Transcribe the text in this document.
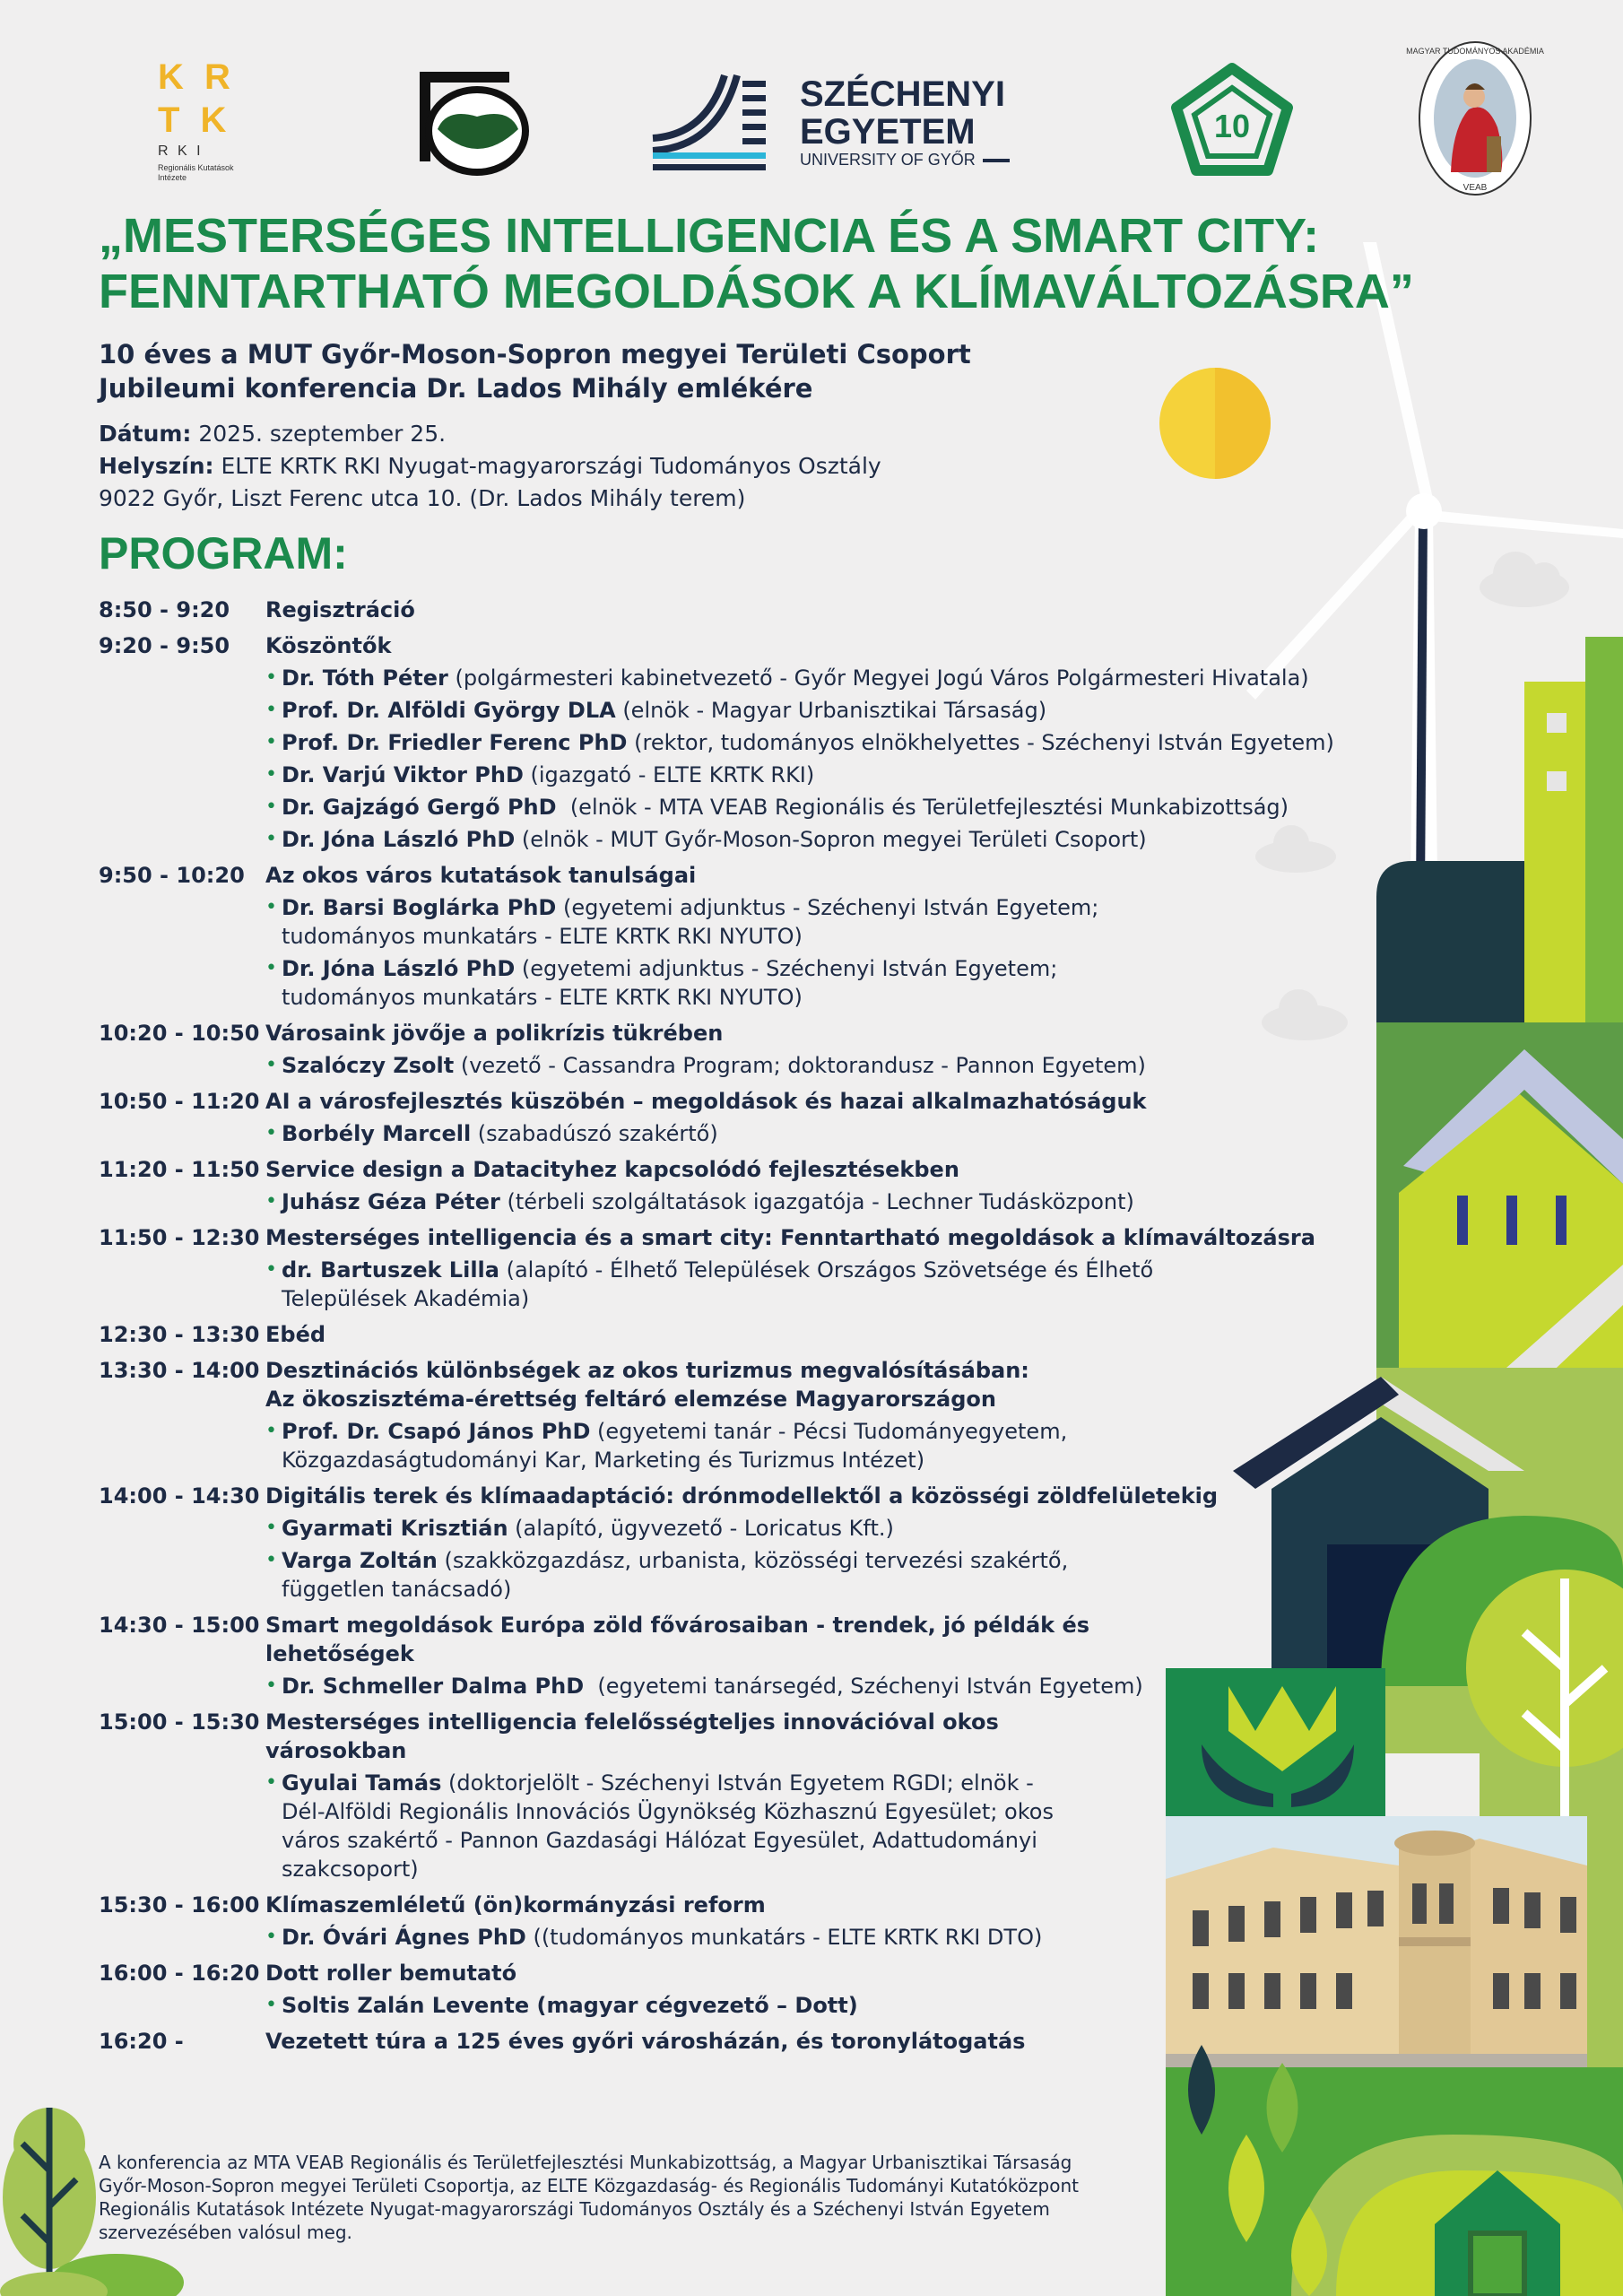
K R
T K
R K I
Regionális Kutatások
Intézete
SZÉCHENYI
EGYETEM
UNIVERSITY OF GYŐR
10
MAGYAR TUDOMÁNYOS AKADÉMIA
VEAB
„MESTERSÉGES INTELLIGENCIA ÉS A SMART CITY:
FENNTARTHATÓ MEGOLDÁSOK A KLÍMAVÁLTOZÁSRA”
10 éves a MUT Győr-Moson-Sopron megyei Területi Csoport
Jubileumi konferencia Dr. Lados Mihály emlékére
Dátum: 2025. szeptember 25.
Helyszín: ELTE KRTK RKI Nyugat-magyarországi Tudományos Osztály
9022 Győr, Liszt Ferenc utca 10. (Dr. Lados Mihály terem)
PROGRAM:
8:50 - 9:20	Regisztráció
9:20 - 9:50	Köszöntők
• Dr. Tóth Péter (polgármesteri kabinetvezető - Győr Megyei Jogú Város Polgármesteri Hivatala)
• Prof. Dr. Alföldi György DLA (elnök - Magyar Urbanisztikai Társaság)
• Prof. Dr. Friedler Ferenc PhD (rektor, tudományos elnökhelyettes - Széchenyi István Egyetem)
• Dr. Varjú Viktor PhD (igazgató - ELTE KRTK RKI)
• Dr. Gajzágó Gergő PhD  (elnök - MTA VEAB Regionális és Területfejlesztési Munkabizottság)
• Dr. Jóna László PhD (elnök - MUT Győr-Moson-Sopron megyei Területi Csoport)
9:50 - 10:20 Az okos város kutatások tanulságai
• Dr. Barsi Boglárka PhD (egyetemi adjunktus - Széchenyi István Egyetem;
tudományos munkatárs - ELTE KRTK RKI NYUTO)
• Dr. Jóna László PhD (egyetemi adjunktus - Széchenyi István Egyetem;
tudományos munkatárs - ELTE KRTK RKI NYUTO)
10:20 - 10:50 Városaink jövője a polikrízis tükrében
• Szalóczy Zsolt (vezető - Cassandra Program; doktorandusz - Pannon Egyetem)
10:50 - 11:20 AI a városfejlesztés küszöbén – megoldások és hazai alkalmazhatóságuk
• Borbély Marcell (szabadúszó szakértő)
11:20 - 11:50 Service design a Datacityhez kapcsolódó fejlesztésekben
• Juhász Géza Péter (térbeli szolgáltatások igazgatója - Lechner Tudásközpont)
11:50 - 12:30 Mesterséges intelligencia és a smart city: Fenntartható megoldások a klímaváltozásra
• dr. Bartuszek Lilla (alapító - Élhető Települések Országos Szövetsége és Élhető
Települések Akadémia)
12:30 - 13:30 Ebéd
13:30 - 14:00 Desztinációs különbségek az okos turizmus megvalósításában:
Az ökoszisztéma-érettség feltáró elemzése Magyarországon
• Prof. Dr. Csapó János PhD (egyetemi tanár - Pécsi Tudományegyetem,
Közgazdaságtudományi Kar, Marketing és Turizmus Intézet)
14:00 - 14:30 Digitális terek és klímaadaptáció: drónmodellektől a közösségi zöldfelületekig
• Gyarmati Krisztián (alapító, ügyvezető - Loricatus Kft.)
• Varga Zoltán (szakközgazdász, urbanista, közösségi tervezési szakértő,
független tanácsadó)
14:30 - 15:00 Smart megoldások Európa zöld fővárosaiban - trendek, jó példák és
lehetőségek
• Dr. Schmeller Dalma PhD  (egyetemi tanársegéd, Széchenyi István Egyetem)
15:00 - 15:30 Mesterséges intelligencia felelősségteljes innovációval okos
városokban
• Gyulai Tamás (doktorjelölt - Széchenyi István Egyetem RGDI; elnök -
Dél-Alföldi Regionális Innovációs Ügynökség Közhasznú Egyesület; okos
város szakértő - Pannon Gazdasági Hálózat Egyesület, Adattudományi
szakcsoport)
15:30 - 16:00 Klímaszemléletű (ön)kormányzási reform
• Dr. Óvári Ágnes PhD ((tudományos munkatárs - ELTE KRTK RKI DTO)
16:00 - 16:20 Dott roller bemutató
• Soltis Zalán Levente (magyar cégvezető – Dott)
16:20 -	Vezetett túra a 125 éves győri városházán, és toronylátogatás
A konferencia az MTA VEAB Regionális és Területfejlesztési Munkabizottság, a Magyar Urbanisztikai Társaság
Győr-Moson-Sopron megyei Területi Csoportja, az ELTE Közgazdaság- és Regionális Tudományi Kutatóközpont
Regionális Kutatások Intézete Nyugat-magyarországi Tudományos Osztály és a Széchenyi István Egyetem
szervezésében valósul meg.
